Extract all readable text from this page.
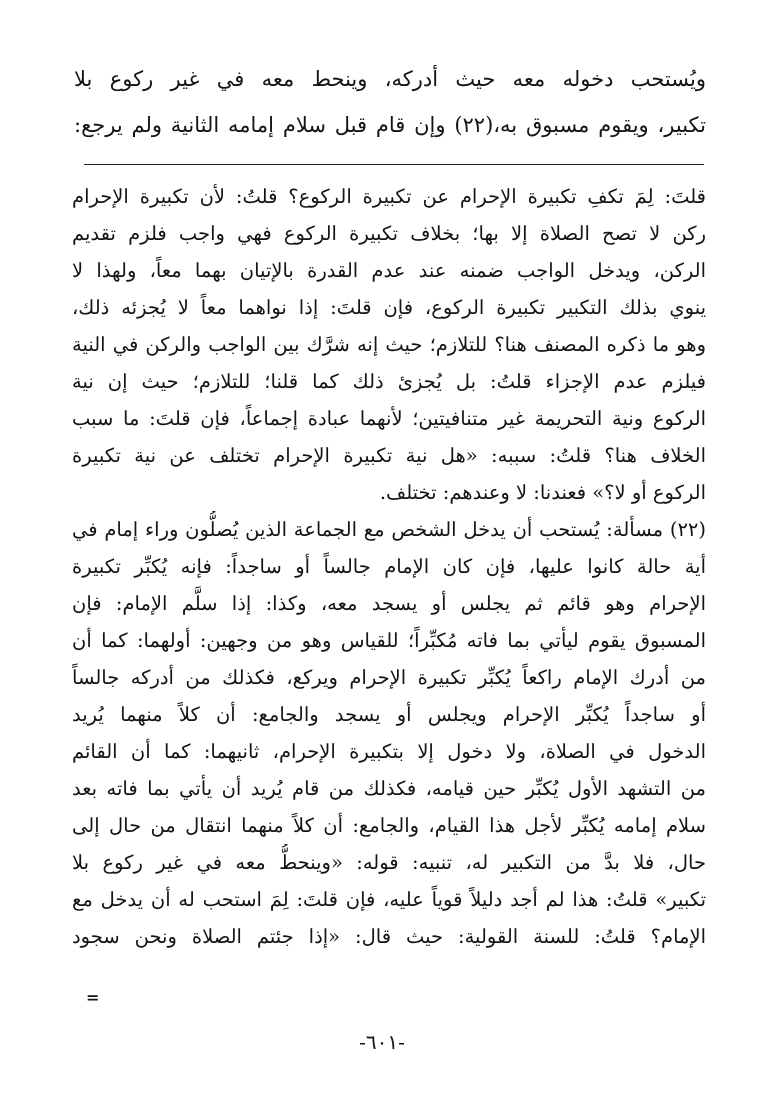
ويُستحب دخوله معه حيث أدركه، وينحط معه في غير ركوع بلا
تكبير، ويقوم مسبوق به،(٢٢) وإن قام قبل سلام إمامه الثانية ولم يرجع:
قلتَ: لِمَ تكفِ تكبيرة الإحرام عن تكبيرة الركوع؟ قلتُ: لأن تكبيرة الإحرام
ركن لا تصح الصلاة إلا بها؛ بخلاف تكبيرة الركوع فهي واجب فلزم تقديم
الركن، ويدخل الواجب ضمنه عند عدم القدرة بالإتيان بهما معاً، ولهذا لا
ينوي بذلك التكبير تكبيرة الركوع، فإن قلتَ: إذا نواهما معاً لا يُجزئه ذلك،
وهو ما ذكره المصنف هنا؟ للتلازم؛ حيث إنه شرَّك بين الواجب والركن في النية
فيلزم عدم الإجزاء قلتُ: بل يُجزئ ذلك كما قلنا؛ للتلازم؛ حيث إن نية
الركوع ونية التحريمة غير متنافيتين؛ لأنهما عبادة إجماعاً، فإن قلتَ: ما سبب
الخلاف هنا؟ قلتُ: سببه: «هل نية تكبيرة الإحرام تختلف عن نية تكبيرة
الركوع أو لا؟» فعندنا: لا وعندهم: تختلف.
(٢٢) مسألة: يُستحب أن يدخل الشخص مع الجماعة الذين يُصلُّون وراء إمام في
أية حالة كانوا عليها، فإن كان الإمام جالساً أو ساجداً: فإنه يُكبِّر تكبيرة
الإحرام وهو قائم ثم يجلس أو يسجد معه، وكذا: إذا سلَّم الإمام: فإن
المسبوق يقوم ليأتي بما فاته مُكبِّراً؛ للقياس وهو من وجهين: أولهما: كما أن
من أدرك الإمام راكعاً يُكبِّر تكبيرة الإحرام ويركع، فكذلك من أدركه جالساً
أو ساجداً يُكبِّر الإحرام ويجلس أو يسجد والجامع: أن كلاً منهما يُريد
الدخول في الصلاة، ولا دخول إلا بتكبيرة الإحرام، ثانيهما: كما أن القائم
من التشهد الأول يُكبِّر حين قيامه، فكذلك من قام يُريد أن يأتي بما فاته بعد
سلام إمامه يُكبِّر لأجل هذا القيام، والجامع: أن كلاً منهما انتقال من حال إلى
حال، فلا بدَّ من التكبير له، تنبيه: قوله: «وينحطُّ معه في غير ركوع بلا
تكبير» قلتُ: هذا لم أجد دليلاً قوياً عليه، فإن قلتَ: لِمَ استحب له أن يدخل مع
الإمام؟ قلتُ: للسنة القولية: حيث قال: «إذا جئتم الصلاة ونحن سجود
=
-٦٠١-
